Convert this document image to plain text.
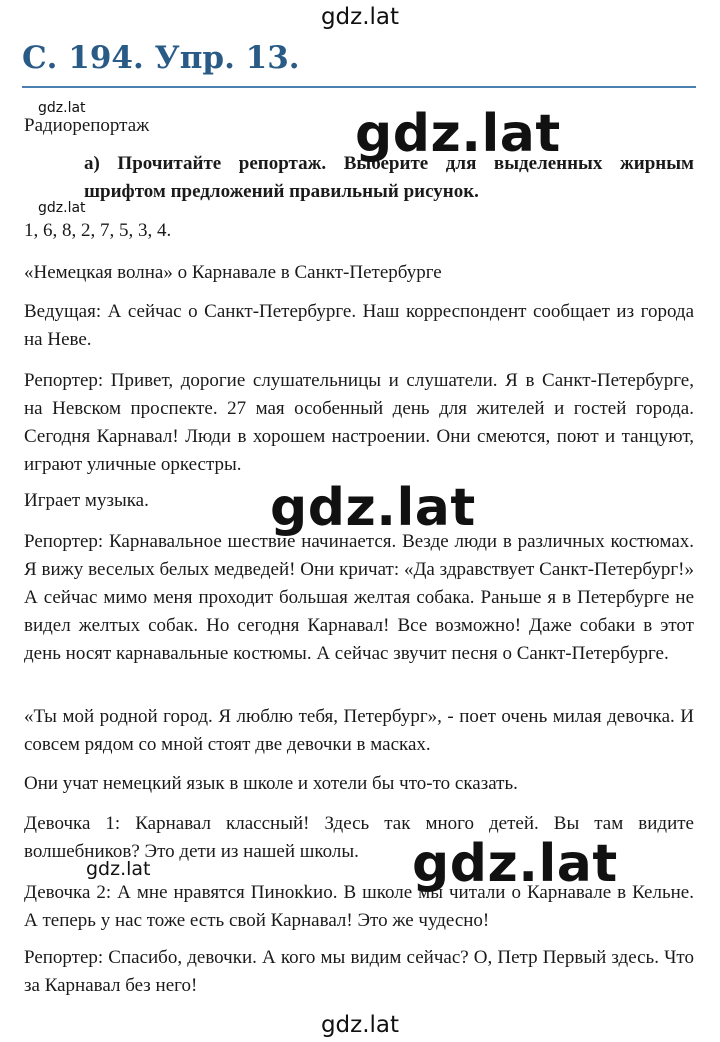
gdz.lat
С. 194. Упр. 13.
gdz.lat
Радиорепортаж
а) Прочитайте репортаж. Выберите для выделенных жирным шрифтом предложений правильный рисунок.
gdz.lat
1, 6, 8, 2, 7, 5, 3, 4.
«Немецкая волна» о Карнавале в Санкт-Петербурге
Ведущая: А сейчас о Санкт-Петербурге. Наш корреспондент сообщает из города на Неве.
Репортер: Привет, дорогие слушательницы и слушатели. Я в Санкт-Петербурге, на Невском проспекте. 27 мая особенный день для жителей и гостей города. Сегодня Карнавал! Люди в хорошем настроении. Они смеются, поют и танцуют, играют уличные оркестры.
Играет музыка.
Репортер: Карнавальное шествие начинается. Везде люди в различных костюмах. Я вижу веселых белых медведей! Они кричат: «Да здравствует Санкт-Петербург!» А сейчас мимо меня проходит большая желтая собака. Раньше я в Петербурге не видел желтых собак. Но сегодня Карнавал! Все возможно! Даже собаки в этот день носят карнавальные костюмы. А сейчас звучит песня о Санкт-Петербурге.
«Ты мой родной город. Я люблю тебя, Петербург», - поет очень милая девочка. И совсем рядом со мной стоят две девочки в масках.
Они учат немецкий язык в школе и хотели бы что-то сказать.
Девочка 1: Карнавал классный! Здесь так много детей. Вы там видите волшебников? Это дети из нашей школы.
Девочка 2: А мне нравятся Пинокkио. В школе мы читали о Карнавале в Кельне. А теперь у нас тоже есть свой Карнавал! Это же чудесно!
Репортер: Спасибо, девочки. А кого мы видим сейчас? О, Петр Первый здесь. Что за Карнавал без него!
gdz.lat
gdz.lat
gdz.lat
gdz.lat
gdz.lat
